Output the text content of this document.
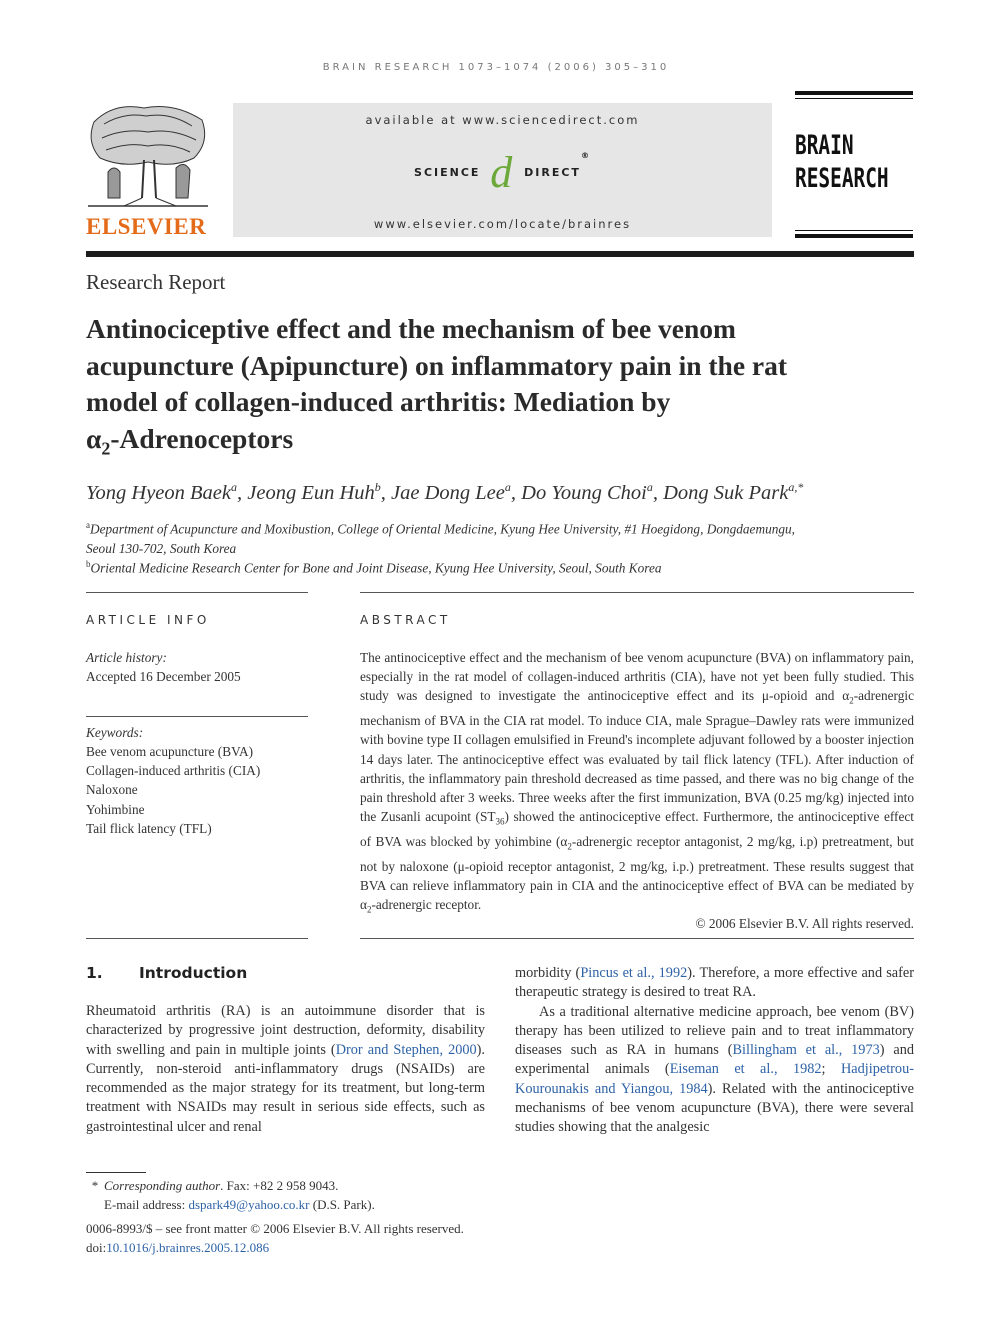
BRAIN RESEARCH 1073–1074 (2006) 305–310
ELSEVIER
available at www.sciencedirect.com
SCIENCE d DIRECT®
www.elsevier.com/locate/brainres
BRAIN
RESEARCH
Research Report
Antinociceptive effect and the mechanism of bee venom
acupuncture (Apipuncture) on inflammatory pain in the rat
model of collagen-induced arthritis: Mediation by
$\alpha_2$-Adrenoceptors
Yong Hyeon Baek$^a$, Jeong Eun Huh$^b$, Jae Dong Lee$^a$, Do Young Choi$^a$, Dong Suk Park$^{a,*}$
$^a$Department of Acupuncture and Moxibustion, College of Oriental Medicine, Kyung Hee University, #1 Hoegidong, Dongdaemungu,
Seoul 130-702, South Korea
$^b$Oriental Medicine Research Center for Bone and Joint Disease, Kyung Hee University, Seoul, South Korea
ARTICLE INFO	ABSTRACT
Article history:
Accepted 16 December 2005
Keywords:
Bee venom acupuncture (BVA)
Collagen-induced arthritis (CIA)
Naloxone
Yohimbine
Tail flick latency (TFL)
The antinociceptive effect and the mechanism of bee venom acupuncture (BVA) on inflammatory pain, especially in the rat model of collagen-induced arthritis (CIA), have not yet been fully studied. This study was designed to investigate the antinociceptive effect and its μ-opioid and $\alpha_2$-adrenergic mechanism of BVA in the CIA rat model. To induce CIA, male Sprague–Dawley rats were immunized with bovine type II collagen emulsified in Freund's incomplete adjuvant followed by a booster injection 14 days later. The antinociceptive effect was evaluated by tail flick latency (TFL). After induction of arthritis, the inflammatory pain threshold decreased as time passed, and there was no big change of the pain threshold after 3 weeks. Three weeks after the first immunization, BVA (0.25 mg/kg) injected into the Zusanli acupoint $(ST_{36})$ showed the antinociceptive effect. Furthermore, the antinociceptive effect of BVA was blocked by yohimbine ($\alpha_2$-adrenergic receptor antagonist, 2 mg/kg, i.p) pretreatment, but not by naloxone (μ-opioid receptor antagonist, 2 mg/kg, i.p.) pretreatment. These results suggest that BVA can relieve inflammatory pain in CIA and the antinociceptive effect of BVA can be mediated by $\alpha_2$-adrenergic receptor.
© 2006 Elsevier B.V. All rights reserved.
1. Introduction
Rheumatoid arthritis (RA) is an autoimmune disorder that is characterized by progressive joint destruction, deformity, disability with swelling and pain in multiple joints (Dror and Stephen, 2000). Currently, non-steroid anti-inflammatory drugs (NSAIDs) are recommended as the major strategy for its treatment, but long-term treatment with NSAIDs may result in serious side effects, such as gastrointestinal ulcer and renal
morbidity (Pincus et al., 1992). Therefore, a more effective and safer therapeutic strategy is desired to treat RA.
As a traditional alternative medicine approach, bee venom (BV) therapy has been utilized to relieve pain and to treat inflammatory diseases such as RA in humans (Billingham et al., 1973) and experimental animals (Eiseman et al., 1982; Hadjipetrou-Kourounakis and Yiangou, 1984). Related with the antinociceptive mechanisms of bee venom acupuncture (BVA), there were several studies showing that the analgesic
* Corresponding author. Fax: +82 2 958 9043.
E-mail address: dspark49@yahoo.co.kr (D.S. Park).
0006-8993/$ – see front matter © 2006 Elsevier B.V. All rights reserved.
doi:10.1016/j.brainres.2005.12.086
